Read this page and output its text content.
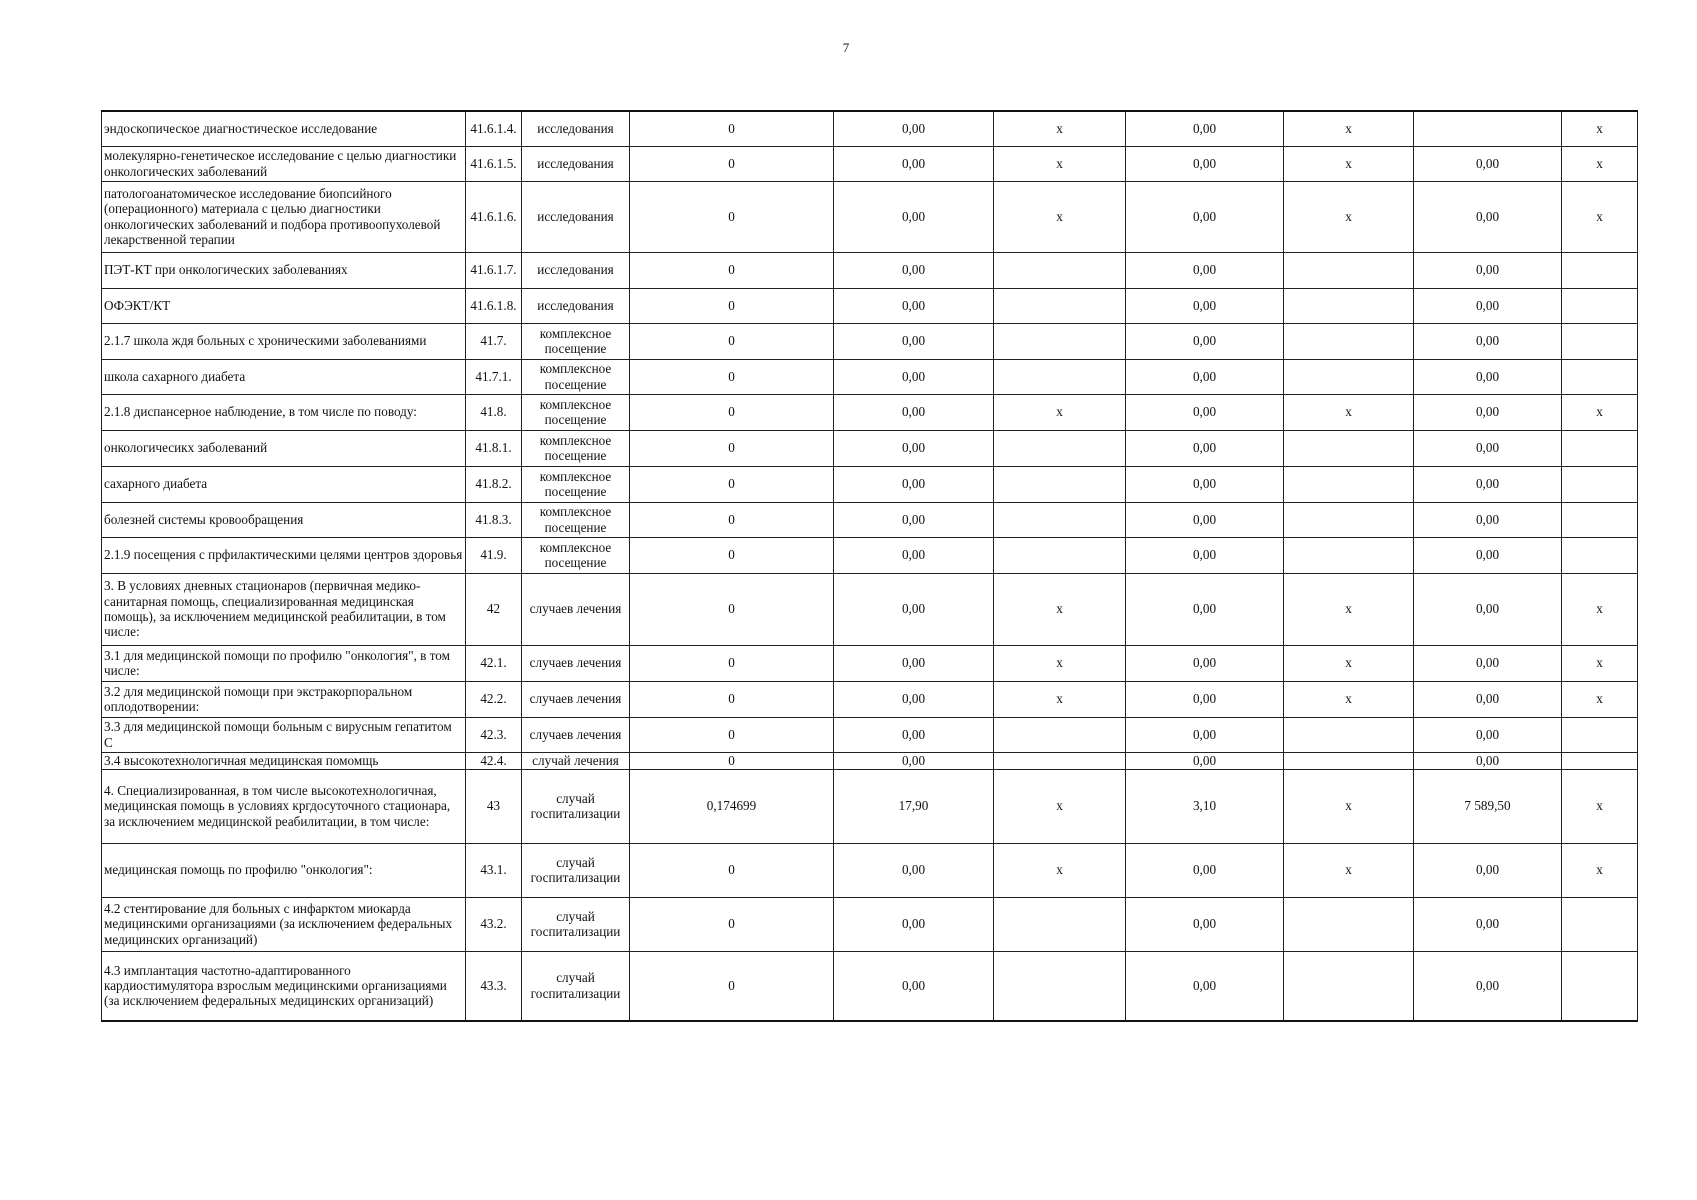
7
эндоскопическое диагностическое исследование	41.6.1.4.	исследования	0	0,00	x	0,00	x		x
молекулярно-генетическое исследование с целью диагностики онкологических заболеваний	41.6.1.5.	исследования	0	0,00	x	0,00	x	0,00	x
патологоанатомическое исследование биопсийного (операционного) материала с целью диагностики онкологических заболеваний и подбора противоопухолевой лекарственной терапии	41.6.1.6.	исследования	0	0,00	x	0,00	x	0,00	x
ПЭТ-КТ при онкологических заболеваниях	41.6.1.7.	исследования	0	0,00		0,00		0,00	
ОФЭКТ/КТ	41.6.1.8.	исследования	0	0,00		0,00		0,00	
2.1.7 школа ждя больных с хроническими заболеваниями	41.7.	комплексное посещение	0	0,00		0,00		0,00	
школа сахарного диабета	41.7.1.	комплексное посещение	0	0,00		0,00		0,00	
2.1.8 диспансерное наблюдение, в том числе по поводу:	41.8.	комплексное посещение	0	0,00	x	0,00	x	0,00	x
онкологичесикх заболеваний	41.8.1.	комплексное посещение	0	0,00		0,00		0,00	
сахарного диабета	41.8.2.	комплексное посещение	0	0,00		0,00		0,00	
болезней системы кровообращения	41.8.3.	комплексное посещение	0	0,00		0,00		0,00	
2.1.9 посещения с прфилактическими целями центров здоровья	41.9.	комплексное посещение	0	0,00		0,00		0,00	
3. В условиях дневных стационаров (первичная медико-санитарная помощь, специализированная медицинская помощь), за исключением медицинской реабилитации, в том числе:	42	случаев лечения	0	0,00	x	0,00	x	0,00	x
3.1 для медицинской помощи по профилю "онкология", в том числе:	42.1.	случаев лечения	0	0,00	x	0,00	x	0,00	x
3.2 для медицинской помощи при экстракорпоральном оплодотворении:	42.2.	случаев лечения	0	0,00	x	0,00	x	0,00	x
3.3 для медицинской помощи больным с вирусным гепатитом С	42.3.	случаев лечения	0	0,00		0,00		0,00	
3.4 высокотехнологичная медицинская помомщь	42.4.	случай лечения	0	0,00		0,00		0,00	
4. Специализированная, в том числе высокотехнологичная, медицинская помощь в условиях кргдосуточного стационара, за исключением медицинской реабилитации, в том числе:	43	случай госпитализации	0,174699	17,90	x	3,10	x	7 589,50	x
медицинская помощь по профилю "онкология":	43.1.	случай госпитализации	0	0,00	x	0,00	x	0,00	x
4.2 стентирование для больных с инфарктом миокарда медицинскими организациями (за исключением федеральных медицинских организаций)	43.2.	случай госпитализации	0	0,00		0,00		0,00	
4.3 имплантация частотно-адаптированного кардиостимулятора взрослым медицинскими организациями (за исключением федеральных медицинских организаций)	43.3.	случай госпитализации	0	0,00		0,00		0,00	
